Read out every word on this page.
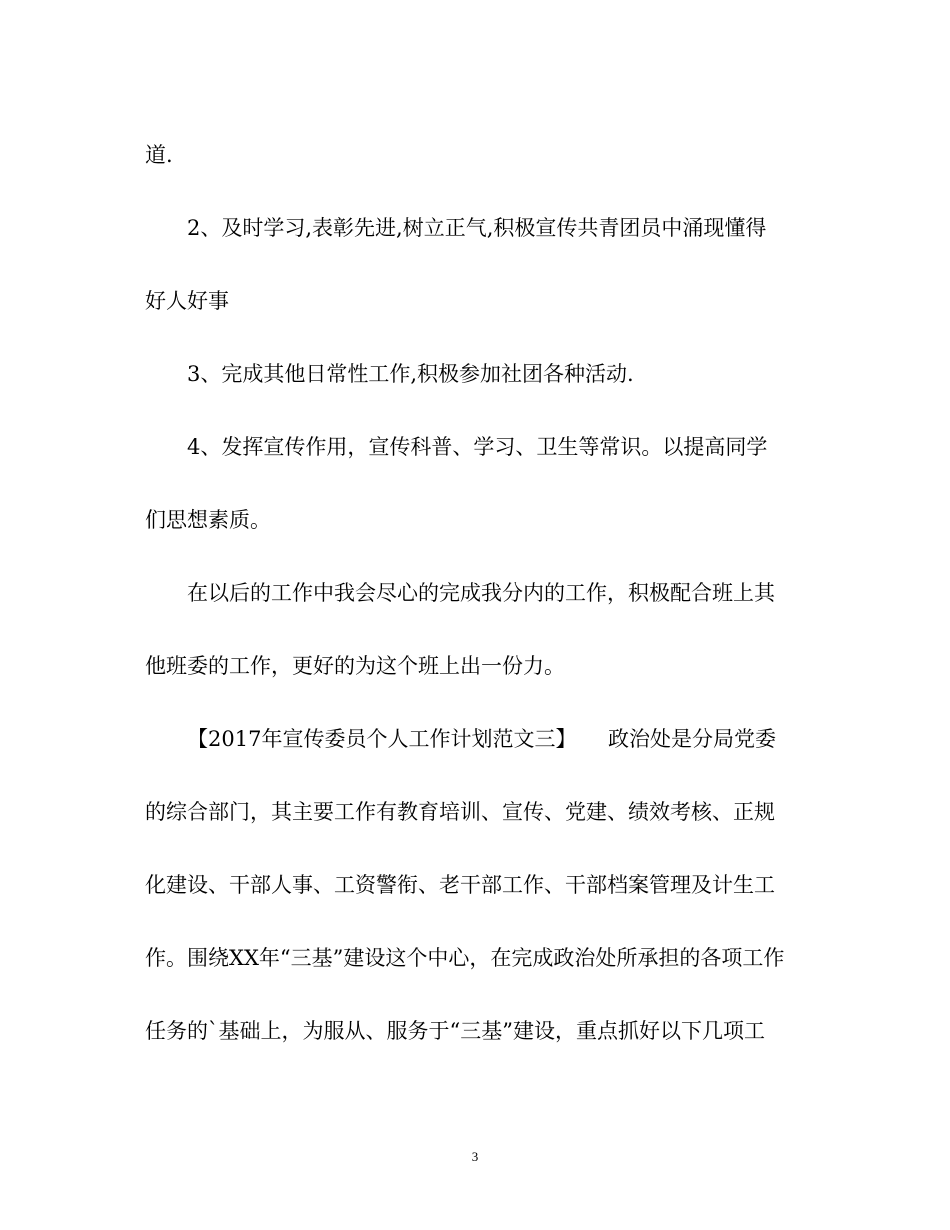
道.
2、及时学习,表彰先进,树立正气,积极宣传共青团员中涌现懂得
好人好事
3、完成其他日常性工作,积极参加社团各种活动.
4、发挥宣传作用，宣传科普、学习、卫生等常识。以提高同学
们思想素质。
在以后的工作中我会尽心的完成我分内的工作，积极配合班上其
他班委的工作，更好的为这个班上出一份力。
【2017年宣传委员个人工作计划范文三】　　政治处是分局党委
的综合部门，其主要工作有教育培训、宣传、党建、绩效考核、正规
化建设、干部人事、工资警衔、老干部工作、干部档案管理及计生工
作。围绕XX年“三基”建设这个中心，在完成政治处所承担的各项工作
任务的`基础上，为服从、服务于“三基”建设，重点抓好以下几项工
3
